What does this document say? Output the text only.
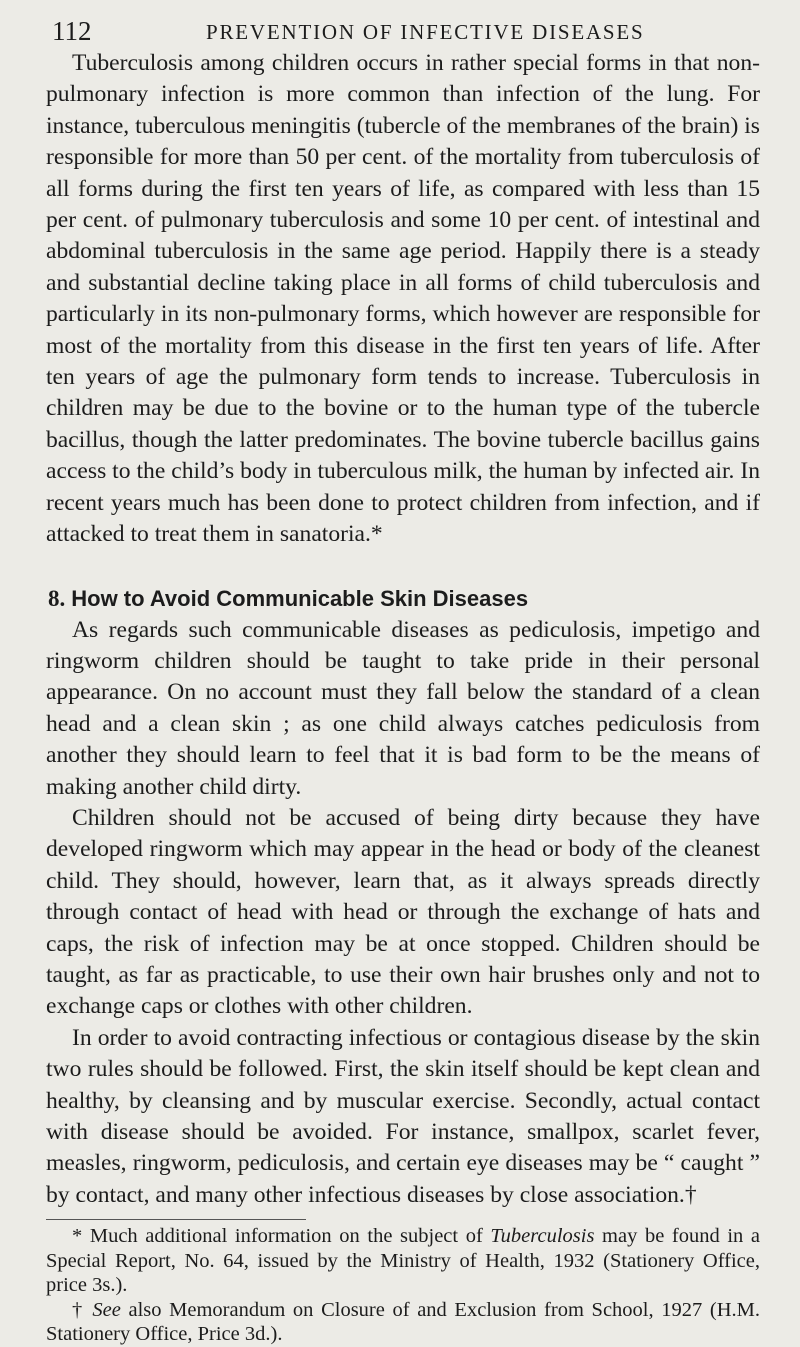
112	PREVENTION OF INFECTIVE DISEASES

Tuberculosis among children occurs in rather special forms in that non-pulmonary infection is more common than infection of the lung. For instance, tuberculous meningitis (tubercle of the membranes of the brain) is responsible for more than 50 per cent. of the mortality from tuberculosis of all forms during the first ten years of life, as compared with less than 15 per cent. of pulmonary tuberculosis and some 10 per cent. of intestinal and abdominal tuberculosis in the same age period. Happily there is a steady and substantial decline taking place in all forms of child tuberculosis and particularly in its non-pulmonary forms, which however are responsible for most of the mortality from this disease in the first ten years of life. After ten years of age the pulmonary form tends to increase. Tuberculosis in children may be due to the bovine or to the human type of the tubercle bacillus, though the latter predominates. The bovine tubercle bacillus gains access to the child’s body in tuberculous milk, the human by infected air. In recent years much has been done to protect children from infection, and if attacked to treat them in sanatoria.*

8. How to Avoid Communicable Skin Diseases

As regards such communicable diseases as pediculosis, impetigo and ringworm children should be taught to take pride in their personal appearance. On no account must they fall below the standard of a clean head and a clean skin ; as one child always catches pediculosis from another they should learn to feel that it is bad form to be the means of making another child dirty.

Children should not be accused of being dirty because they have developed ringworm which may appear in the head or body of the cleanest child. They should, however, learn that, as it always spreads directly through contact of head with head or through the exchange of hats and caps, the risk of infection may be at once stopped. Children should be taught, as far as practicable, to use their own hair brushes only and not to exchange caps or clothes with other children.

In order to avoid contracting infectious or contagious disease by the skin two rules should be followed. First, the skin itself should be kept clean and healthy, by cleansing and by muscular exercise. Secondly, actual contact with disease should be avoided. For instance, smallpox, scarlet fever, measles, ringworm, pediculosis, and certain eye diseases may be “ caught ” by contact, and many other infectious diseases by close association.†

* Much additional information on the subject of Tuberculosis may be found in a Special Report, No. 64, issued by the Ministry of Health, 1932 (Stationery Office, price 3s.).

† See also Memorandum on Closure of and Exclusion from School, 1927 (H.M. Stationery Office, Price 3d.).
